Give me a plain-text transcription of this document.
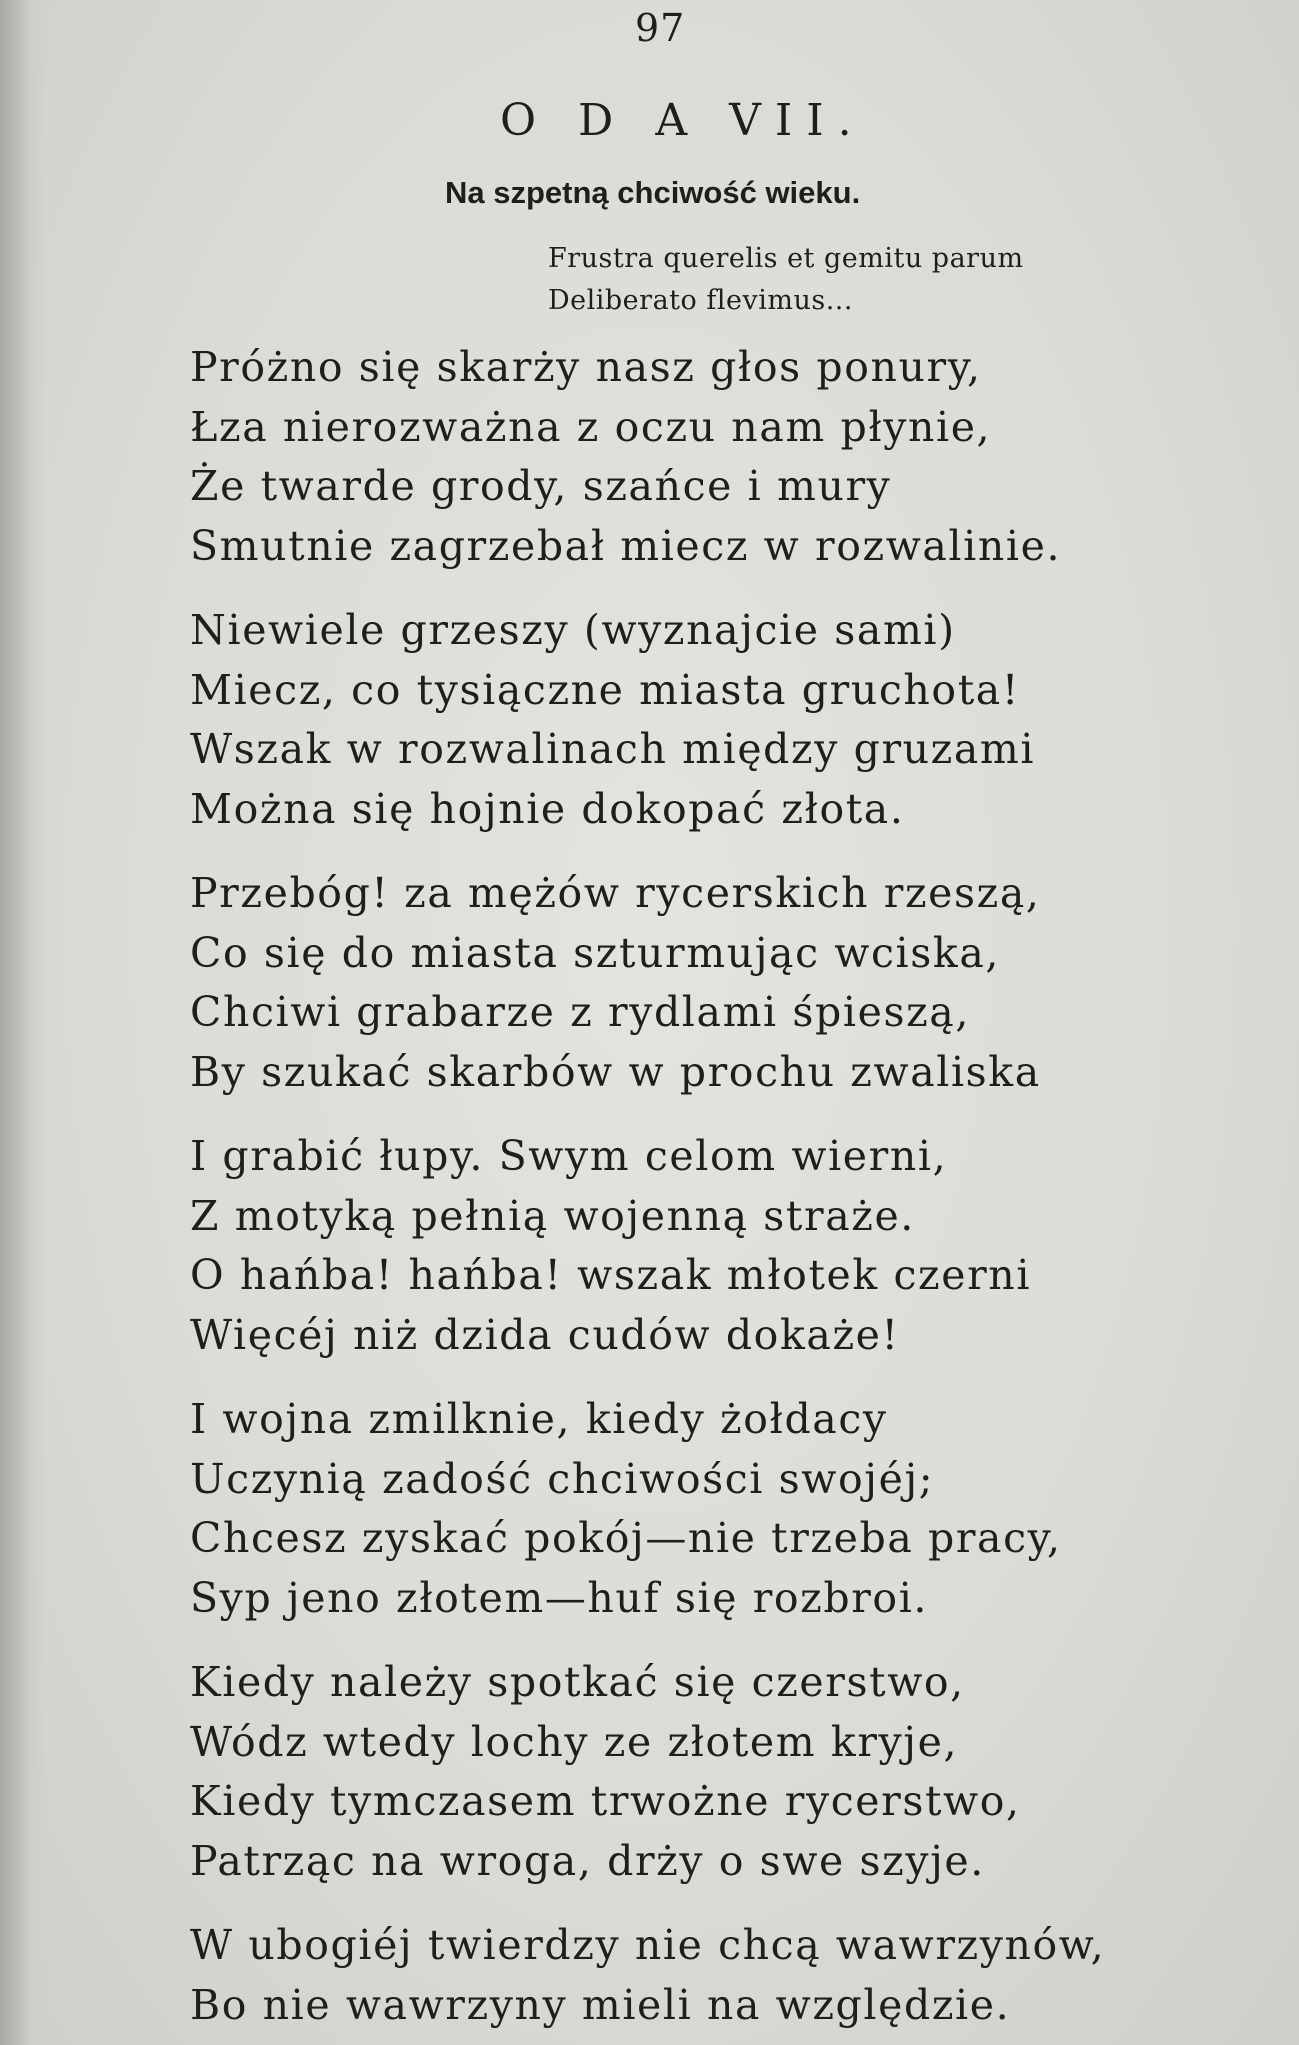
97
O D A VII.
Na szpetną chciwość wieku.
Frustra querelis et gemitu parum
Deliberato flevimus...
Próżno się skarży nasz głos ponury,
Łza nierozważna z oczu nam płynie,
Że twarde grody, szańce i mury
Smutnie zagrzebał miecz w rozwalinie.
Niewiele grzeszy (wyznajcie sami)
Miecz, co tysiączne miasta gruchota!
Wszak w rozwalinach między gruzami
Można się hojnie dokopać złota.
Przebóg! za mężów rycerskich rzeszą,
Co się do miasta szturmując wciska,
Chciwi grabarze z rydlami śpieszą,
By szukać skarbów w prochu zwaliska
I grabić łupy. Swym celom wierni,
Z motyką pełnią wojenną straże.
O hańba! hańba! wszak młotek czerni
Więcéj niż dzida cudów dokaże!
I wojna zmilknie, kiedy żołdacy
Uczynią zadość chciwości swojéj;
Chcesz zyskać pokój—nie trzeba pracy,
Syp jeno złotem—huf się rozbroi.
Kiedy należy spotkać się czerstwo,
Wódz wtedy lochy ze złotem kryje,
Kiedy tymczasem trwożne rycerstwo,
Patrząc na wroga, drży o swe szyje.
W ubogiéj twierdzy nie chcą wawrzynów,
Bo nie wawrzyny mieli na względzie.
